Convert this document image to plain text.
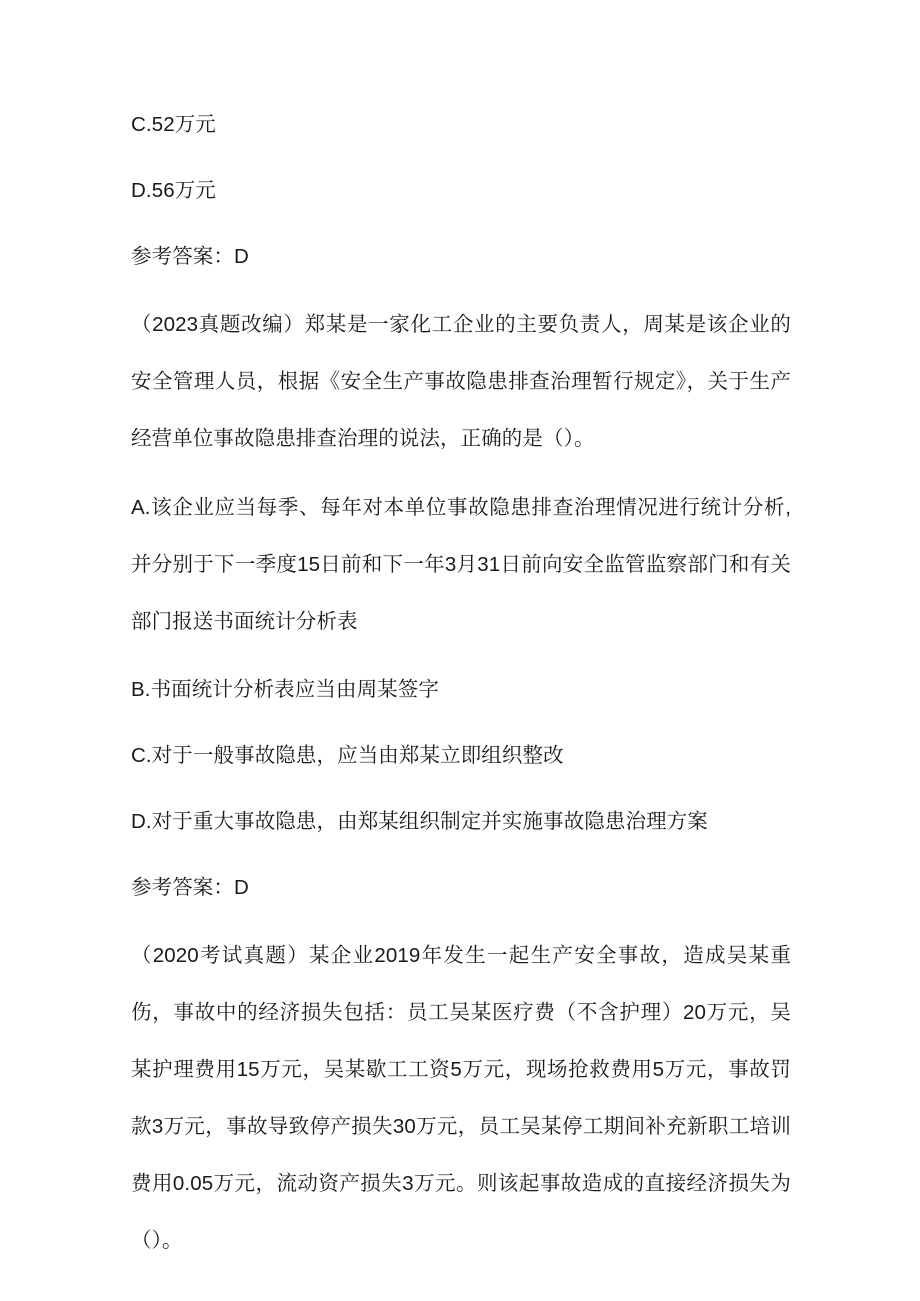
C.52万元

D.56万元

参考答案：D

（2023真题改编）郑某是一家化工企业的主要负责人，周某是该企业的安全管理人员，根据《安全生产事故隐患排查治理暂行规定》，关于生产经营单位事故隐患排查治理的说法，正确的是（）。

A.该企业应当每季、每年对本单位事故隐患排查治理情况进行统计分析,并分别于下一季度15日前和下一年3月31日前向安全监管监察部门和有关部门报送书面统计分析表

B.书面统计分析表应当由周某签字

C.对于一般事故隐患，应当由郑某立即组织整改

D.对于重大事故隐患，由郑某组织制定并实施事故隐患治理方案

参考答案：D

（2020考试真题）某企业2019年发生一起生产安全事故，造成吴某重伤，事故中的经济损失包括：员工吴某医疗费（不含护理）20万元，吴某护理费用15万元，吴某歇工工资5万元，现场抢救费用5万元，事故罚款3万元，事故导致停产损失30万元，员工吴某停工期间补充新职工培训费用0.05万元，流动资产损失3万元。则该起事故造成的直接经济损失为（）。
